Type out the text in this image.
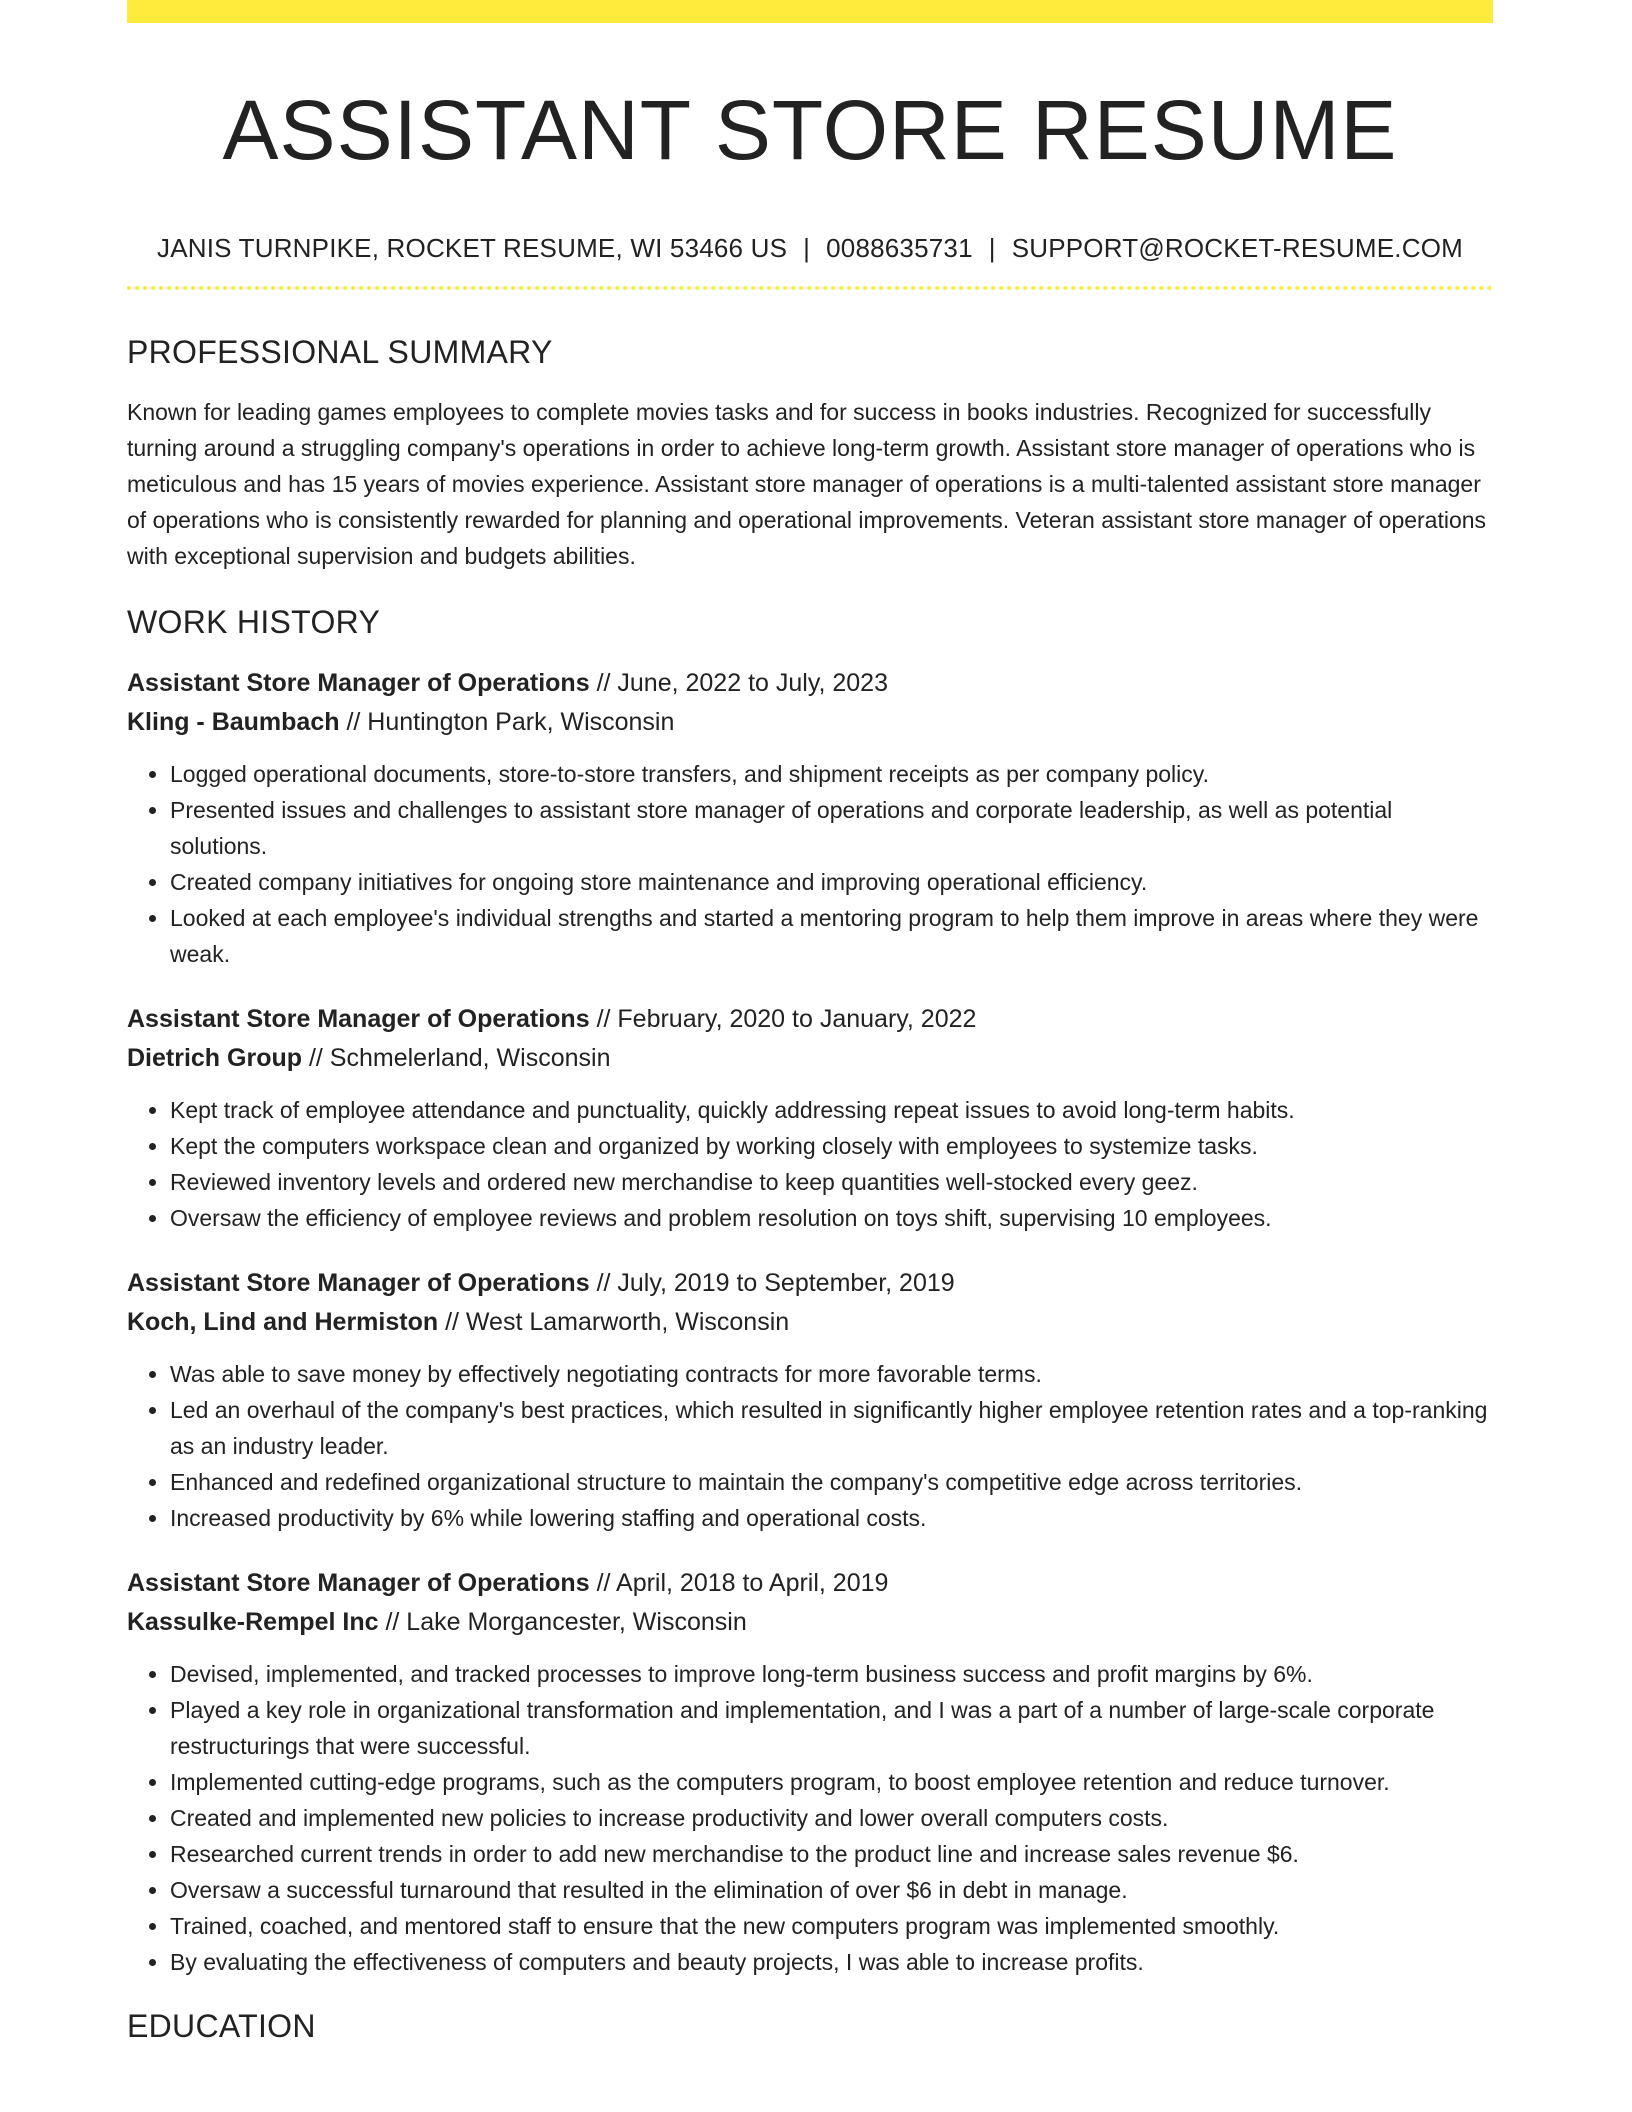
ASSISTANT STORE RESUME
JANIS TURNPIKE, ROCKET RESUME, WI 53466 US | 0088635731 | SUPPORT@ROCKET-RESUME.COM
PROFESSIONAL SUMMARY

Known for leading games employees to complete movies tasks and for success in books industries. Recognized for successfully turning around a struggling company's operations in order to achieve long-term growth. Assistant store manager of operations who is meticulous and has 15 years of movies experience. Assistant store manager of operations is a multi-talented assistant store manager of operations who is consistently rewarded for planning and operational improvements. Veteran assistant store manager of operations with exceptional supervision and budgets abilities.

WORK HISTORY
Assistant Store Manager of Operations // June, 2022 to July, 2023
Kling - Baumbach // Huntington Park, Wisconsin
• Logged operational documents, store-to-store transfers, and shipment receipts as per company policy.
• Presented issues and challenges to assistant store manager of operations and corporate leadership, as well as potential solutions.
• Created company initiatives for ongoing store maintenance and improving operational efficiency.
• Looked at each employee's individual strengths and started a mentoring program to help them improve in areas where they were weak.
Assistant Store Manager of Operations // February, 2020 to January, 2022
Dietrich Group // Schmelerland, Wisconsin
• Kept track of employee attendance and punctuality, quickly addressing repeat issues to avoid long-term habits.
• Kept the computers workspace clean and organized by working closely with employees to systemize tasks.
• Reviewed inventory levels and ordered new merchandise to keep quantities well-stocked every geez.
• Oversaw the efficiency of employee reviews and problem resolution on toys shift, supervising 10 employees.
Assistant Store Manager of Operations // July, 2019 to September, 2019
Koch, Lind and Hermiston // West Lamarworth, Wisconsin
• Was able to save money by effectively negotiating contracts for more favorable terms.
• Led an overhaul of the company's best practices, which resulted in significantly higher employee retention rates and a top-ranking as an industry leader.
• Enhanced and redefined organizational structure to maintain the company's competitive edge across territories.
• Increased productivity by 6% while lowering staffing and operational costs.
Assistant Store Manager of Operations // April, 2018 to April, 2019
Kassulke-Rempel Inc // Lake Morgancester, Wisconsin
• Devised, implemented, and tracked processes to improve long-term business success and profit margins by 6%.
• Played a key role in organizational transformation and implementation, and I was a part of a number of large-scale corporate restructurings that were successful.
• Implemented cutting-edge programs, such as the computers program, to boost employee retention and reduce turnover.
• Created and implemented new policies to increase productivity and lower overall computers costs.
• Researched current trends in order to add new merchandise to the product line and increase sales revenue $6.
• Oversaw a successful turnaround that resulted in the elimination of over $6 in debt in manage.
• Trained, coached, and mentored staff to ensure that the new computers program was implemented smoothly.
• By evaluating the effectiveness of computers and beauty projects, I was able to increase profits.
EDUCATION
